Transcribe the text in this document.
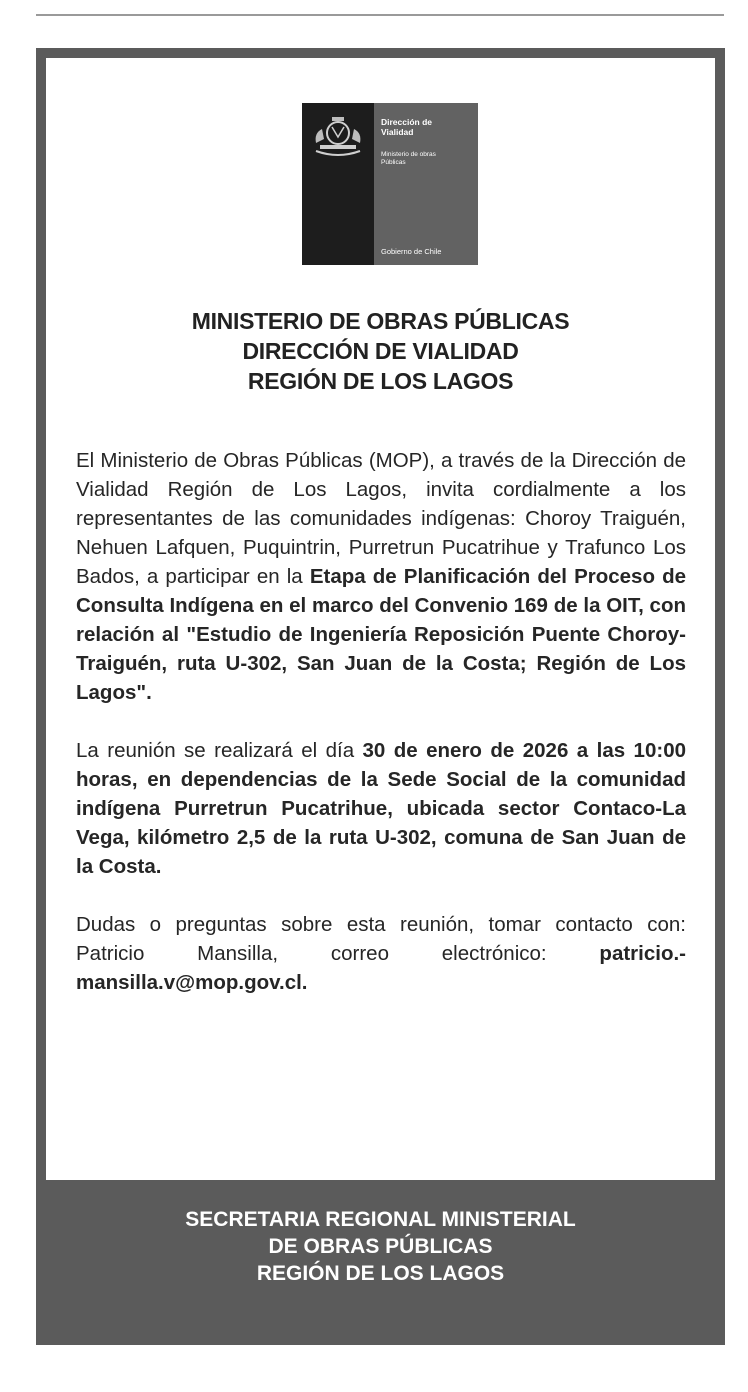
Dirección de
Vialidad
Ministerio de obras
Públicas
Gobierno de Chile
MINISTERIO DE OBRAS PÚBLICAS
DIRECCIÓN DE VIALIDAD
REGIÓN DE LOS LAGOS

El Ministerio de Obras Públicas (MOP), a través de la Dirección de Vialidad Región de Los Lagos, invita cordialmente a los representantes de las comunidades indígenas: Choroy Traiguén, Nehuen Lafquen, Puquintrin, Purretrun Pucatrihue y Trafunco Los Bados, a participar en la Etapa de Planificación del Proceso de Consulta Indígena en el marco del Convenio 169 de la OIT, con relación al "Estudio de Ingeniería Reposición Puente Choroy-Traiguén, ruta U-302, San Juan de la Costa; Región de Los Lagos".

La reunión se realizará el día 30 de enero de 2026 a las 10:00 horas, en dependencias de la Sede Social de la comunidad indígena Purretrun Pucatrihue, ubicada sector Contaco-La Vega, kilómetro 2,5 de la ruta U-302, comuna de San Juan de la Costa.

Dudas o preguntas sobre esta reunión, tomar contacto con: Patricio Mansilla, correo electrónico: patricio.mansilla.v@mop.gov.cl.

SECRETARIA REGIONAL MINISTERIAL
DE OBRAS PÚBLICAS
REGIÓN DE LOS LAGOS
